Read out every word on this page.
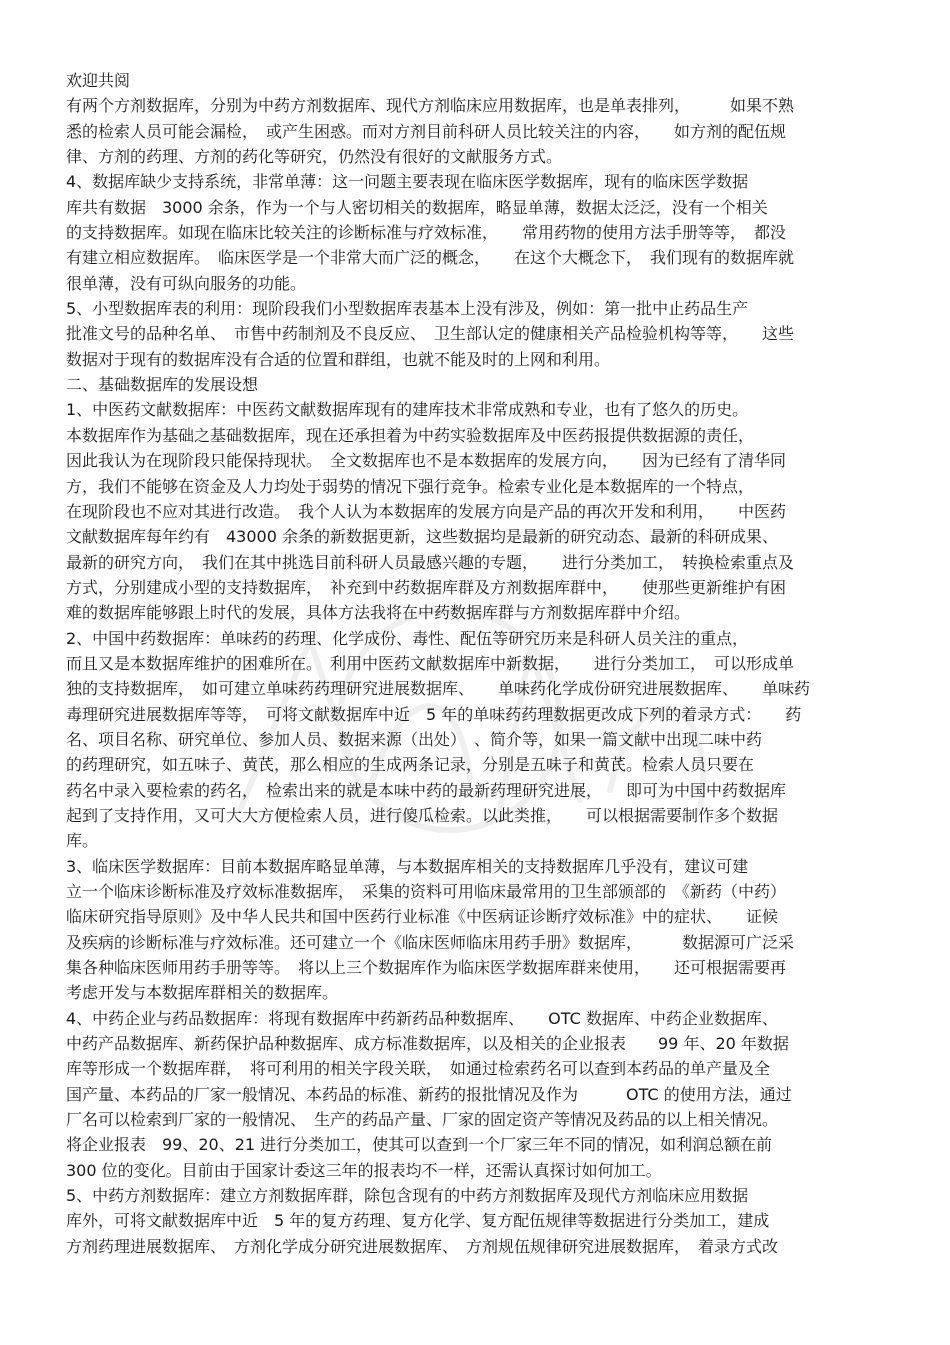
欢迎共阅
有两个方剂数据库，分别为中药方剂数据库、现代方剂临床应用数据库，也是单表排列，　　　如果不熟
悉的检索人员可能会漏检，　或产生困惑。而对方剂目前科研人员比较关注的内容，　　如方剂的配伍规
律、方剂的药理、方剂的药化等研究，仍然没有很好的文献服务方式。
4、数据库缺少支持系统，非常单薄：这一问题主要表现在临床医学数据库，现有的临床医学数据
库共有数据　3000 余条，作为一个与人密切相关的数据库，略显单薄，数据太泛泛，没有一个相关
的支持数据库。如现在临床比较关注的诊断标准与疗效标准，　　常用药物的使用方法手册等等，　都没
有建立相应数据库。　临床医学是一个非常大而广泛的概念，　　在这个大概念下，　我们现有的数据库就
很单薄，没有可纵向服务的功能。
5、小型数据库表的利用：现阶段我们小型数据库表基本上没有涉及，例如：第一批中止药品生产
批准文号的品种名单、　市售中药制剂及不良反应、　卫生部认定的健康相关产品检验机构等等，　　这些
数据对于现有的数据库没有合适的位置和群组，也就不能及时的上网和利用。
二、基础数据库的发展设想
1、中医药文献数据库：中医药文献数据库现有的建库技术非常成熟和专业，也有了悠久的历史。
本数据库作为基础之基础数据库，现在还承担着为中药实验数据库及中医药报提供数据源的责任，
因此我认为在现阶段只能保持现状。　全文数据库也不是本数据库的发展方向，　　因为已经有了清华同
方，我们不能够在资金及人力均处于弱势的情况下强行竞争。检索专业化是本数据库的一个特点，
在现阶段也不应对其进行改造。　我个人认为本数据库的发展方向是产品的再次开发和利用，　　中医药
文献数据库每年约有　43000 余条的新数据更新，这些数据均是最新的研究动态、最新的科研成果、
最新的研究方向，　我们在其中挑选目前科研人员最感兴趣的专题，　　进行分类加工，　转换检索重点及
方式，分别建成小型的支持数据库，　补充到中药数据库群及方剂数据库群中，　　使那些更新维护有困
难的数据库能够跟上时代的发展，具体方法我将在中药数据库群与方剂数据库群中介绍。
2、中国中药数据库：单味药的药理、化学成份、毒性、配伍等研究历来是科研人员关注的重点，
而且又是本数据库维护的困难所在。　利用中医药文献数据库中新数据，　　进行分类加工，　可以形成单
独的支持数据库，　如可建立单味药药理研究进展数据库、　　单味药化学成份研究进展数据库、　　单味药
毒理研究进展数据库等等，　可将文献数据库中近　5 年的单味药药理数据更改成下列的着录方式：　　药
名、项目名称、研究单位、参加人员、数据来源（出处）　、简介等，如果一篇文献中出现二味中药
的药理研究，如五味子、黄芪，那么相应的生成两条记录，分别是五味子和黄芪。检索人员只要在
药名中录入要检索的药名，　检索出来的就是本味中药的最新药理研究进展，　　即可为中国中药数据库
起到了支持作用，又可大大方便检索人员，进行傻瓜检索。以此类推，　　可以根据需要制作多个数据
库。
3、临床医学数据库：目前本数据库略显单薄，与本数据库相关的支持数据库几乎没有，建议可建
立一个临床诊断标准及疗效标准数据库，　采集的资料可用临床最常用的卫生部颁部的　《新药（中药）
临床研究指导原则》及中华人民共和国中医药行业标准《中医病证诊断疗效标准》中的症状、　　证候
及疾病的诊断标准与疗效标准。还可建立一个《临床医师临床用药手册》数据库，　　　数据源可广泛采
集各种临床医师用药手册等等。　将以上三个数据库作为临床医学数据库群来使用，　　还可根据需要再
考虑开发与本数据库群相关的数据库。
4、中药企业与药品数据库：将现有数据库中药新药品种数据库、　　OTC 数据库、中药企业数据库、
中药产品数据库、新药保护品种数据库、成方标准数据库，以及相关的企业报表　　99 年、20 年数据
库等形成一个数据库群，　将可利用的相关字段关联，　如通过检索药名可以查到本药品的单产量及全
国产量、本药品的厂家一般情况、本药品的标准、新药的报批情况及作为　　　OTC 的使用方法，通过
厂名可以检索到厂家的一般情况、　生产的药品产量、厂家的固定资产等情况及药品的以上相关情况。
将企业报表　99、20、21 进行分类加工，使其可以查到一个厂家三年不同的情况，如利润总额在前
300 位的变化。目前由于国家计委这三年的报表均不一样，还需认真探讨如何加工。
5、中药方剂数据库：建立方剂数据库群，除包含现有的中药方剂数据库及现代方剂临床应用数据
库外，可将文献数据库中近　5 年的复方药理、复方化学、复方配伍规律等数据进行分类加工，建成
方剂药理进展数据库、　方剂化学成分研究进展数据库、　方剂规伍规律研究进展数据库，　着录方式改
